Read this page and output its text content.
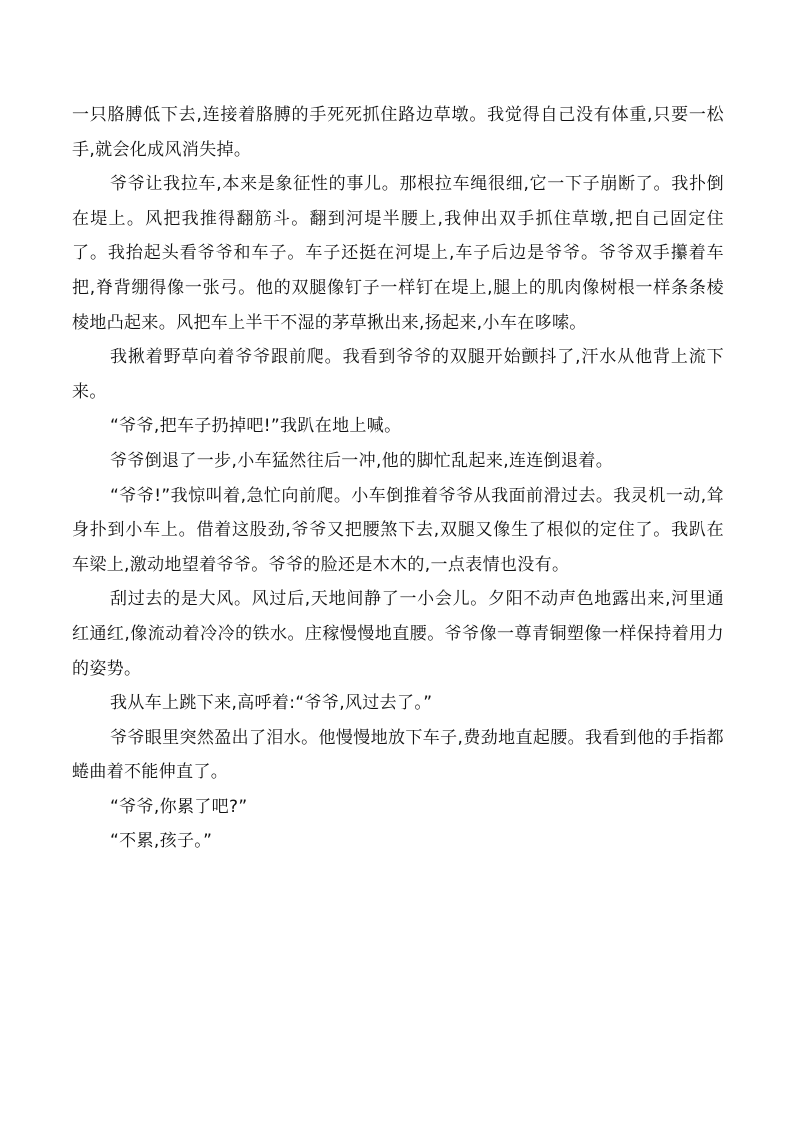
一只胳膊低下去,连接着胳膊的手死死抓住路边草墩。我觉得自己没有体重,只要一松手,就会化成风消失掉。

爷爷让我拉车,本来是象征性的事儿。那根拉车绳很细,它一下子崩断了。我扑倒在堤上。风把我推得翻筋斗。翻到河堤半腰上,我伸出双手抓住草墩,把自己固定住了。我抬起头看爷爷和车子。车子还挺在河堤上,车子后边是爷爷。爷爷双手攥着车把,脊背绷得像一张弓。他的双腿像钉子一样钉在堤上,腿上的肌肉像树根一样条条棱棱地凸起来。风把车上半干不湿的茅草揪出来,扬起来,小车在哆嗦。

我揪着野草向着爷爷跟前爬。我看到爷爷的双腿开始颤抖了,汗水从他背上流下来。

“爷爷,把车子扔掉吧!”我趴在地上喊。

爷爷倒退了一步,小车猛然往后一冲,他的脚忙乱起来,连连倒退着。

“爷爷!”我惊叫着,急忙向前爬。小车倒推着爷爷从我面前滑过去。我灵机一动,耸身扑到小车上。借着这股劲,爷爷又把腰煞下去,双腿又像生了根似的定住了。我趴在车梁上,激动地望着爷爷。爷爷的脸还是木木的,一点表情也没有。

刮过去的是大风。风过后,天地间静了一小会儿。夕阳不动声色地露出来,河里通红通红,像流动着冷冷的铁水。庄稼慢慢地直腰。爷爷像一尊青铜塑像一样保持着用力的姿势。

我从车上跳下来,高呼着:“爷爷,风过去了。”

爷爷眼里突然盈出了泪水。他慢慢地放下车子,费劲地直起腰。我看到他的手指都蜷曲着不能伸直了。

“爷爷,你累了吧?”

“不累,孩子。”
